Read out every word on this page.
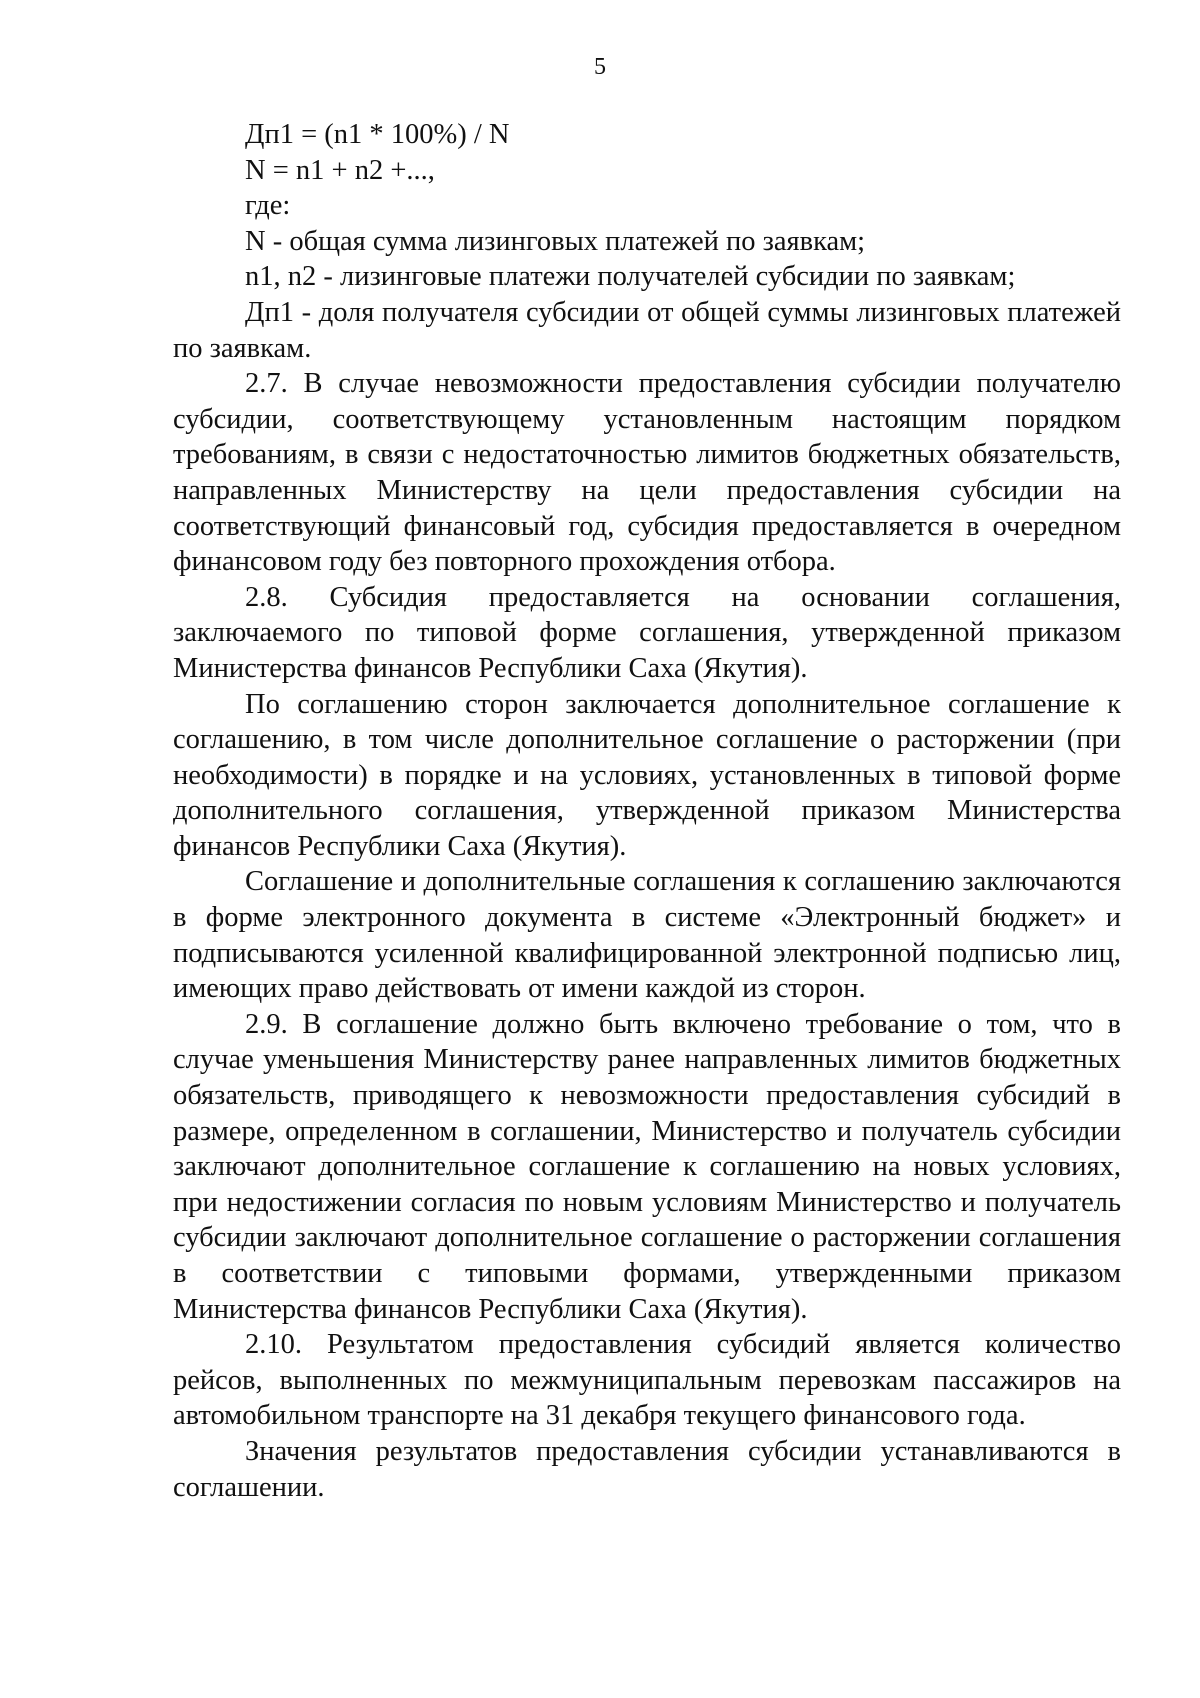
5

Дп1 = (n1 * 100%) / N

N = n1 + n2 +...,

где:

N - общая сумма лизинговых платежей по заявкам;

n1, n2 - лизинговые платежи получателей субсидии по заявкам;

Дп1 - доля получателя субсидии от общей суммы лизинговых платежей по заявкам.

2.7. В случае невозможности предоставления субсидии получателю субсидии, соответствующему установленным настоящим порядком требованиям, в связи с недостаточностью лимитов бюджетных обязательств, направленных Министерству на цели предоставления субсидии на соответствующий финансовый год, субсидия предоставляется в очередном финансовом году без повторного прохождения отбора.

2.8. Субсидия предоставляется на основании соглашения, заключаемого по типовой форме соглашения, утвержденной приказом Министерства финансов Республики Саха (Якутия).

По соглашению сторон заключается дополнительное соглашение к соглашению, в том числе дополнительное соглашение о расторжении (при необходимости) в порядке и на условиях, установленных в типовой форме дополнительного соглашения, утвержденной приказом Министерства финансов Республики Саха (Якутия).

Соглашение и дополнительные соглашения к соглашению заключаются в форме электронного документа в системе «Электронный бюджет» и подписываются усиленной квалифицированной электронной подписью лиц, имеющих право действовать от имени каждой из сторон.

2.9. В соглашение должно быть включено требование о том, что в случае уменьшения Министерству ранее направленных лимитов бюджетных обязательств, приводящего к невозможности предоставления субсидий в размере, определенном в соглашении, Министерство и получатель субсидии заключают дополнительное соглашение к соглашению на новых условиях, при недостижении согласия по новым условиям Министерство и получатель субсидии заключают дополнительное соглашение о расторжении соглашения в соответствии с типовыми формами, утвержденными приказом Министерства финансов Республики Саха (Якутия).

2.10. Результатом предоставления субсидий является количество рейсов, выполненных по межмуниципальным перевозкам пассажиров на автомобильном транспорте на 31 декабря текущего финансового года.

Значения результатов предоставления субсидии устанавливаются в соглашении.
